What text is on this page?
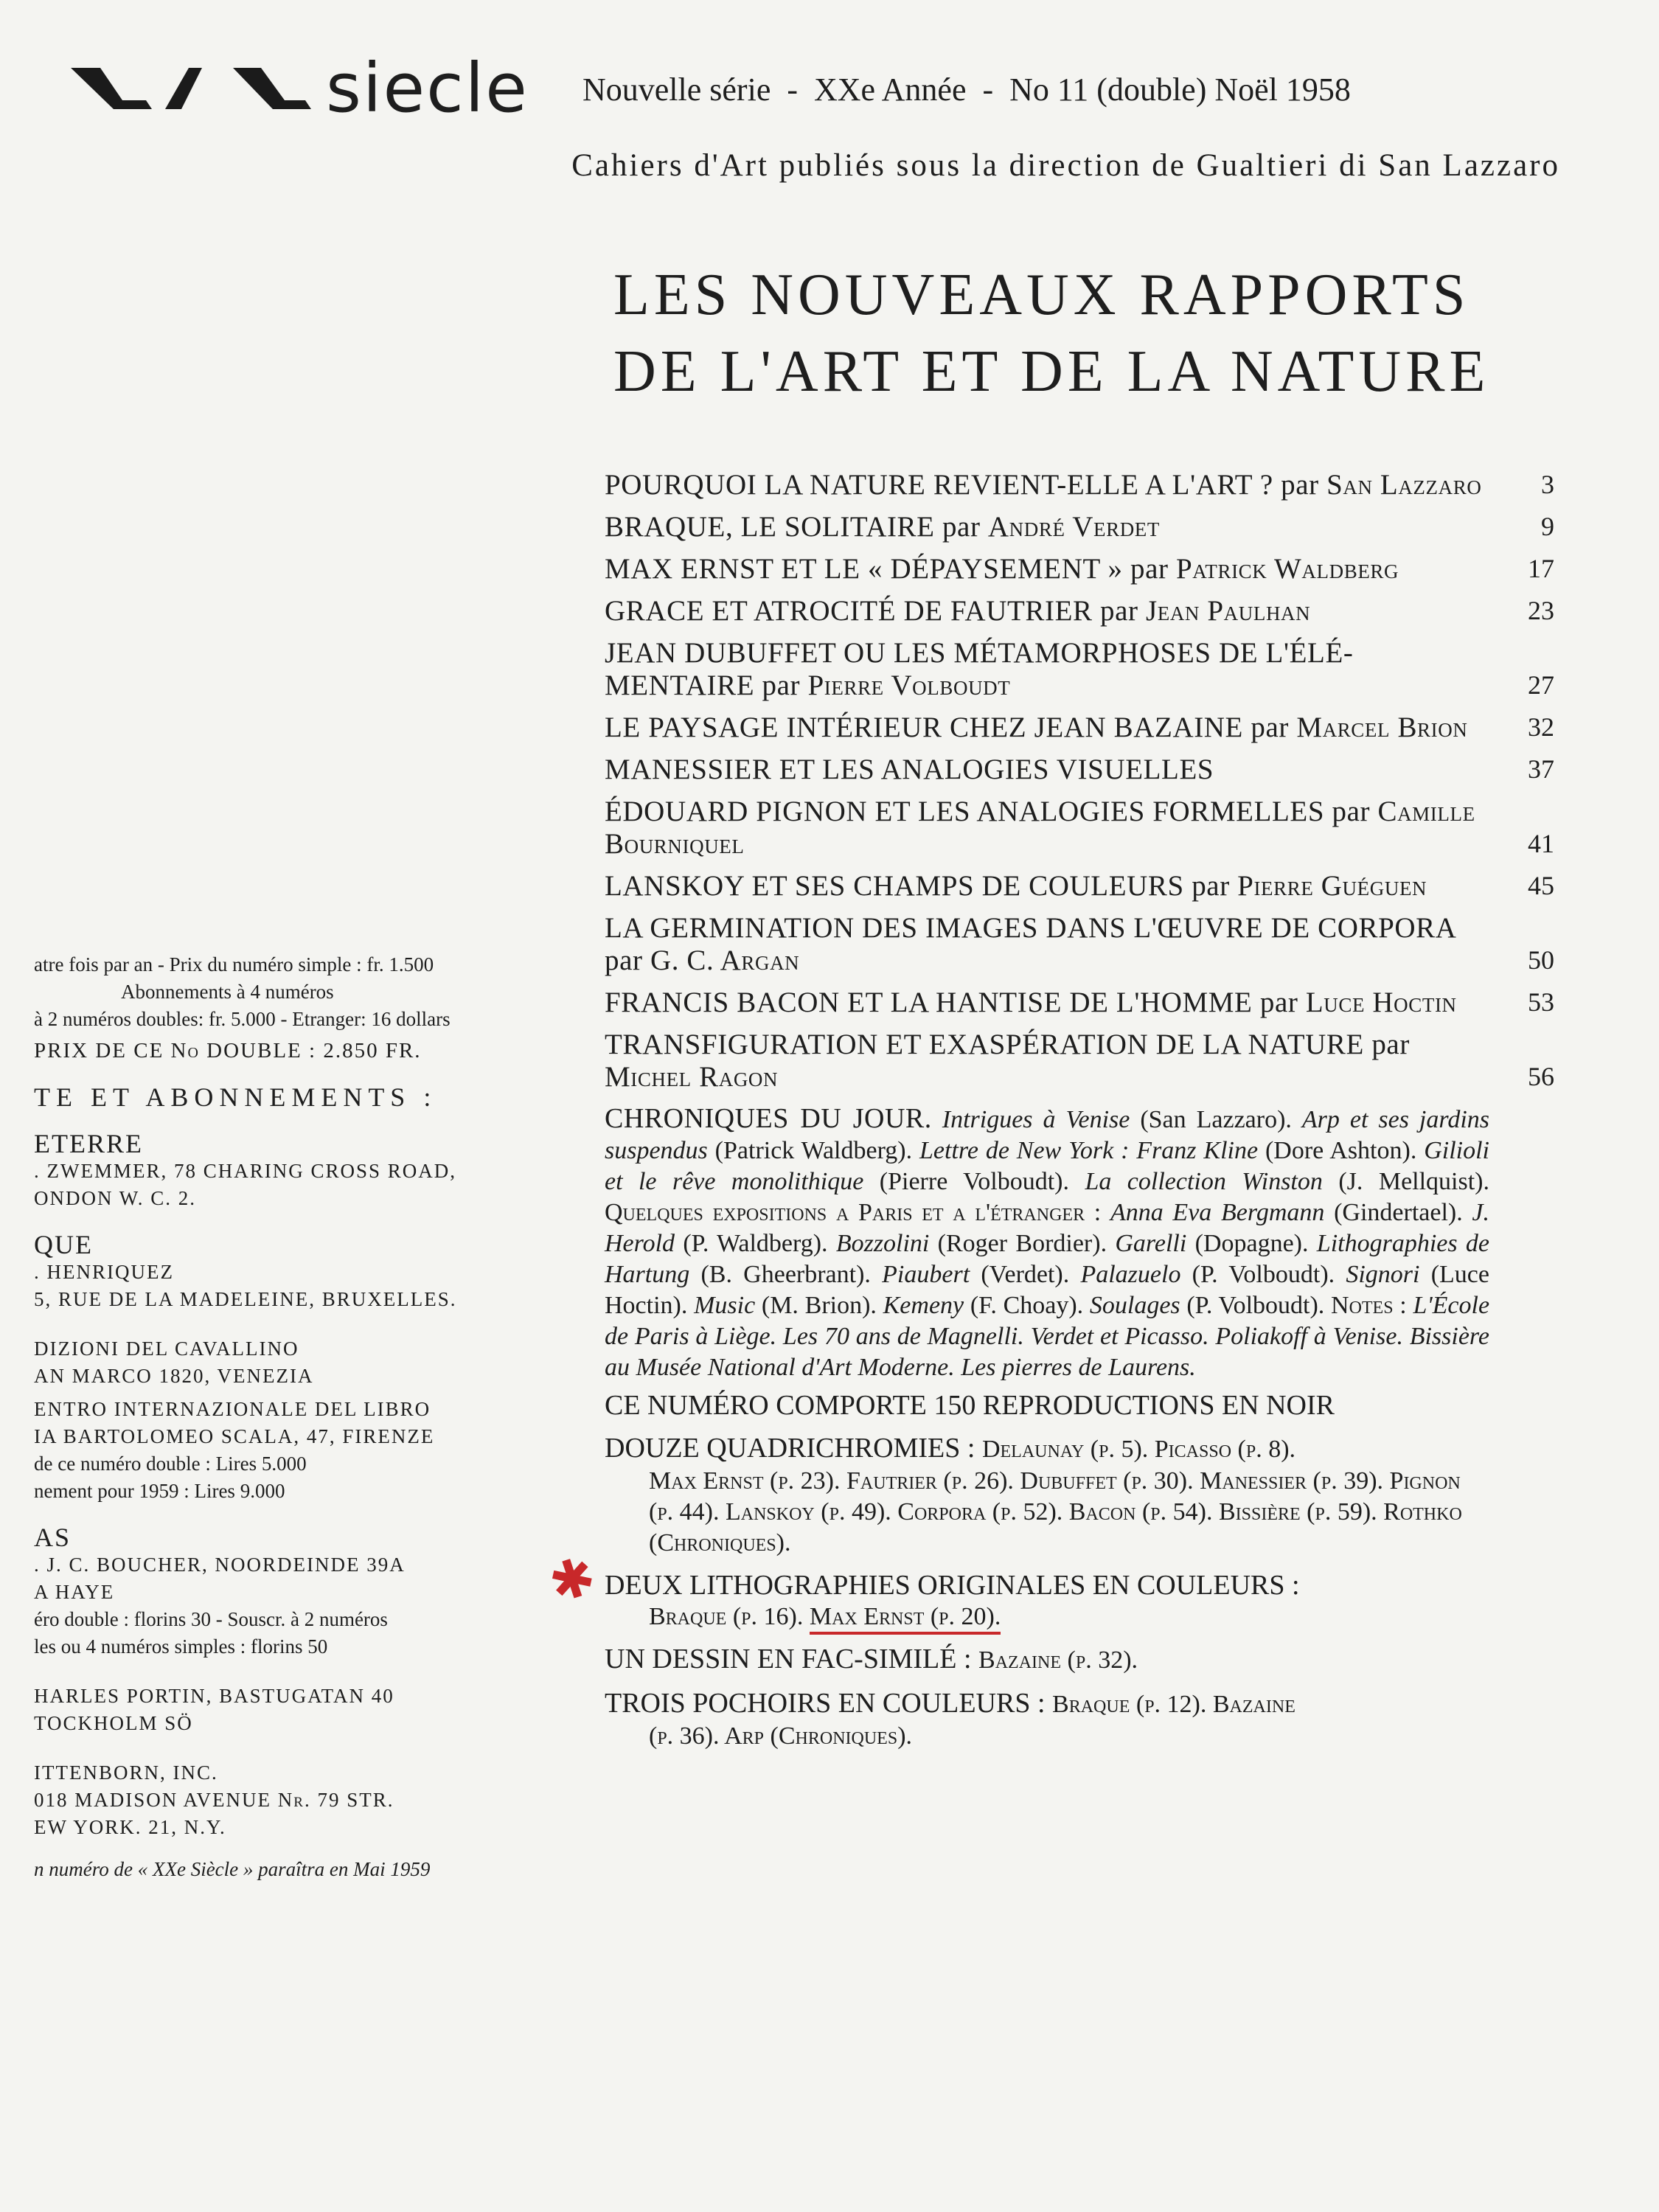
siecle Nouvelle série - XXe Année - No 11 (double) Noël 1958
Cahiers d'Art publiés sous la direction de Gualtieri di San Lazzaro
LES NOUVEAUX RAPPORTS
DE L'ART ET DE LA NATURE
POURQUOI LA NATURE REVIENT-ELLE A L'ART ? par San Lazzaro	3
BRAQUE, LE SOLITAIRE par André Verdet	9
MAX ERNST ET LE « DÉPAYSEMENT » par Patrick Waldberg	17
GRACE ET ATROCITÉ DE FAUTRIER par Jean Paulhan	23
JEAN DUBUFFET OU LES MÉTAMORPHOSES DE L'ÉLÉ-MENTAIRE par Pierre Volboudt	27
LE PAYSAGE INTÉRIEUR CHEZ JEAN BAZAINE par Marcel Brion	32
MANESSIER ET LES ANALOGIES VISUELLES	37
ÉDOUARD PIGNON ET LES ANALOGIES FORMELLES par Camille Bourniquel	41
LANSKOY ET SES CHAMPS DE COULEURS par Pierre Guéguen	45
LA GERMINATION DES IMAGES DANS L'ŒUVRE DE CORPORA par G. C. Argan	50
FRANCIS BACON ET LA HANTISE DE L'HOMME par Luce Hoctin	53
TRANSFIGURATION ET EXASPÉRATION DE LA NATURE par Michel Ragon	56
CHRONIQUES DU JOUR. Intrigues à Venise (San Lazzaro). Arp et ses jardins suspendus (Patrick Waldberg). Lettre de New York : Franz Kline (Dore Ashton). Gilioli et le rêve monolithique (Pierre Volboudt). La collection Winston (J. Mellquist). Quelques expositions a Paris et a l'étranger : Anna Eva Bergmann (Gindertael). J. Herold (P. Waldberg). Bozzolini (Roger Bordier). Garelli (Dopagne). Lithographies de Hartung (B. Gheerbrant). Piaubert (Verdet). Palazuelo (P. Volboudt). Signori (Luce Hoctin). Music (M. Brion). Kemeny (F. Choay). Soulages (P. Volboudt). Notes : L'École de Paris à Liège. Les 70 ans de Magnelli. Verdet et Picasso. Poliakoff à Venise. Bissière au Musée National d'Art Moderne. Les pierres de Laurens.
CE NUMÉRO COMPORTE 150 REPRODUCTIONS EN NOIR
DOUZE QUADRICHROMIES : Delaunay (p. 5). Picasso (p. 8).
Max Ernst (p. 23). Fautrier (p. 26). Dubuffet (p. 30). Manessier (p. 39). Pignon (p. 44). Lanskoy (p. 49). Corpora (p. 52). Bacon (p. 54). Bissière (p. 59). Rothko (Chroniques).
✱ DEUX LITHOGRAPHIES ORIGINALES EN COULEURS :
Braque (p. 16). Max Ernst (p. 20).
UN DESSIN EN FAC-SIMILÉ : Bazaine (p. 32).
TROIS POCHOIRS EN COULEURS : Braque (p. 12). Bazaine
(p. 36). Arp (Chroniques).
atre fois par an - Prix du numéro simple : fr. 1.500
Abonnements à 4 numéros
à 2 numéros doubles: fr. 5.000 - Etranger: 16 dollars
PRIX DE CE No DOUBLE : 2.850 FR.
TE ET ABONNEMENTS :
ETERRE
. ZWEMMER, 78 CHARING CROSS ROAD,
ONDON W. C. 2.
QUE
. HENRIQUEZ
5, RUE DE LA MADELEINE, BRUXELLES.
DIZIONI DEL CAVALLINO
AN MARCO 1820, VENEZIA
ENTRO INTERNAZIONALE DEL LIBRO
IA BARTOLOMEO SCALA, 47, FIRENZE
de ce numéro double : Lires 5.000
nement pour 1959 : Lires 9.000
AS
. J. C. BOUCHER, NOORDEINDE 39A
A HAYE
éro double : florins 30 - Souscr. à 2 numéros
les ou 4 numéros simples : florins 50
HARLES PORTIN, BASTUGATAN 40
TOCKHOLM SÖ
ITTENBORN, INC.
018 MADISON AVENUE Nr. 79 STR.
EW YORK. 21, N.Y.
n numéro de « XXe Siècle » paraîtra en Mai 1959
